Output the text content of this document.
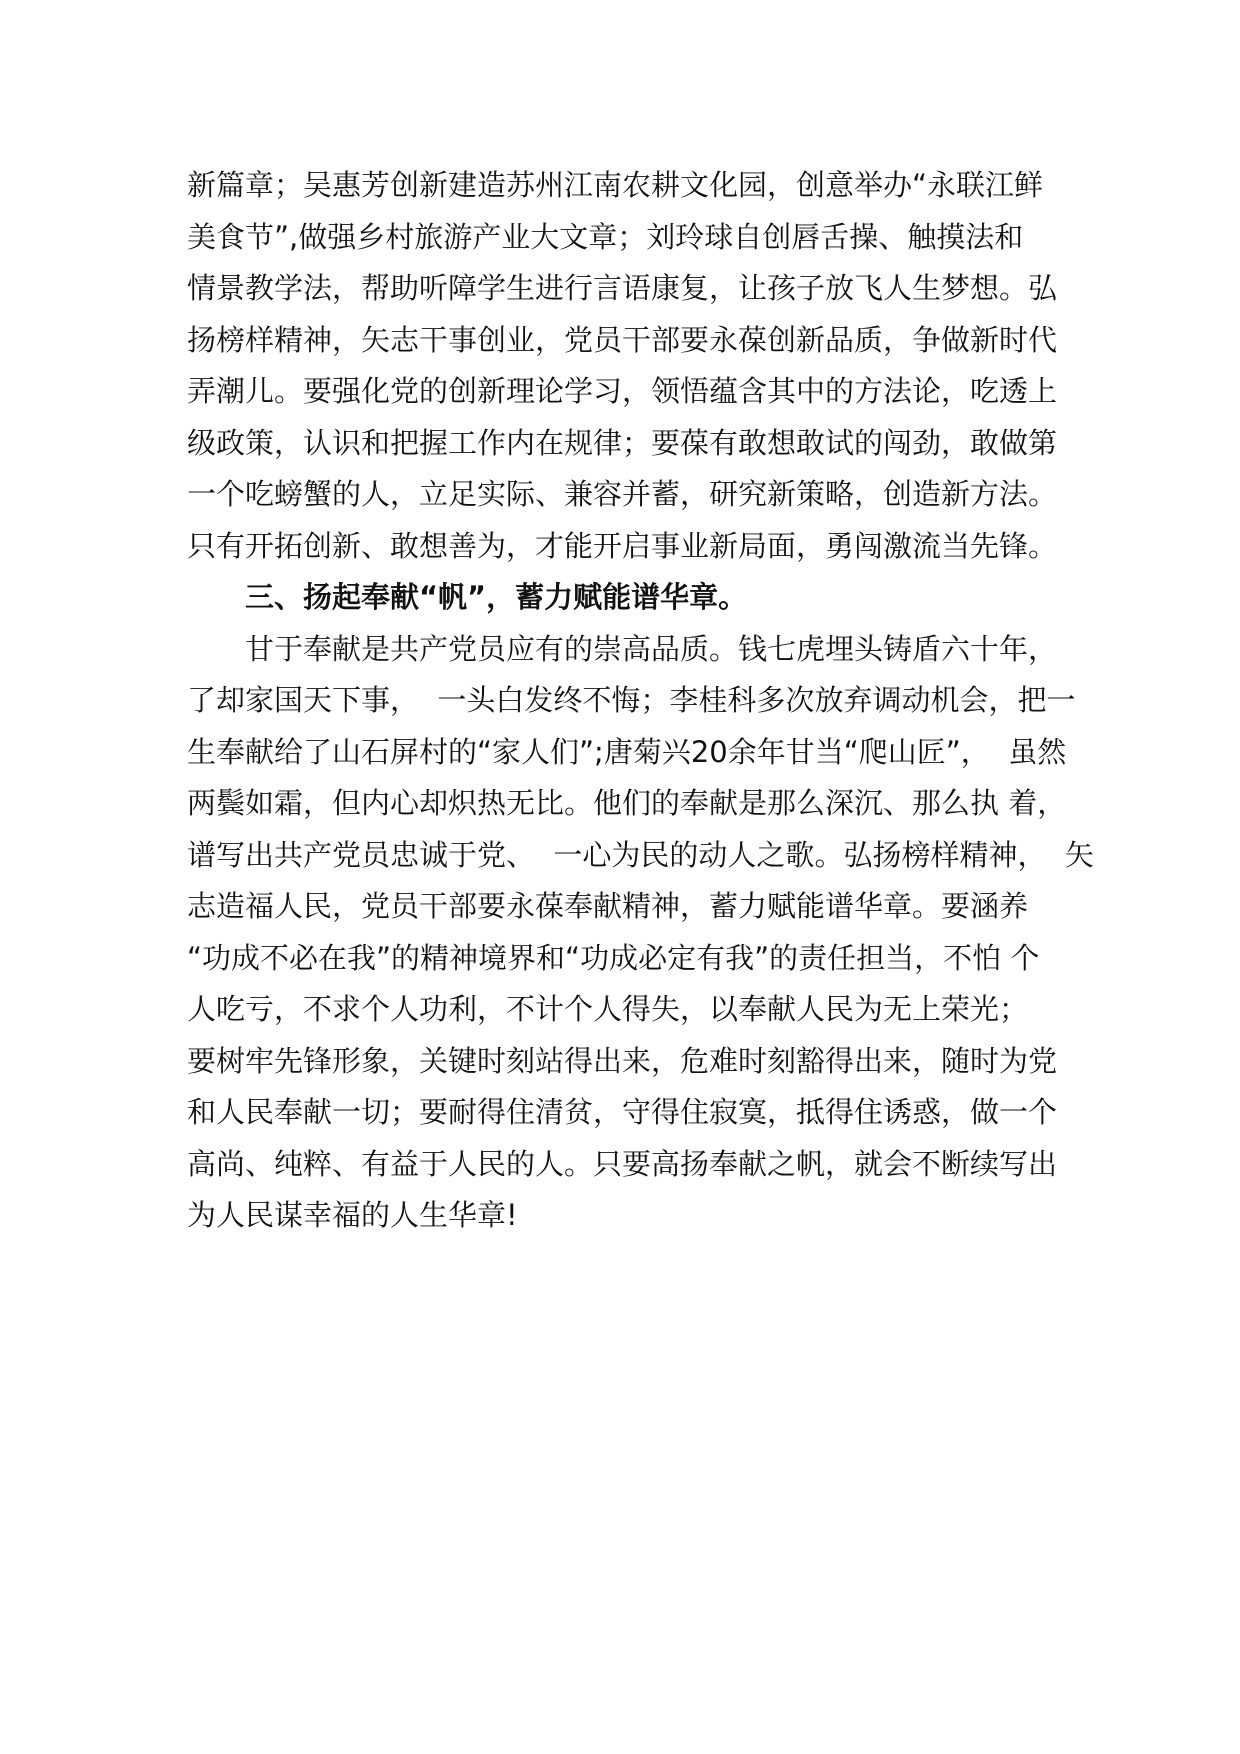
新篇章；吴惠芳创新建造苏州江南农耕文化园，创意举办“永联江鲜
美食节”,做强乡村旅游产业大文章；刘玲球自创唇舌操、触摸法和
情景教学法，帮助听障学生进行言语康复，让孩子放飞人生梦想。弘
扬榜样精神，矢志干事创业，党员干部要永葆创新品质，争做新时代
弄潮儿。要强化党的创新理论学习，领悟蕴含其中的方法论，吃透上
级政策，认识和把握工作内在规律；要葆有敢想敢试的闯劲，敢做第
一个吃螃蟹的人，立足实际、兼容并蓄，研究新策略，创造新方法。
只有开拓创新、敢想善为，才能开启事业新局面，勇闯激流当先锋。
三、扬起奉献“帆”，蓄力赋能谱华章。
甘于奉献是共产党员应有的崇高品质。钱七虎埋头铸盾六十年，
了却家国天下事，  一头白发终不悔；李桂科多次放弃调动机会，把一
生奉献给了山石屏村的“家人们”;唐菊兴20余年甘当“爬山匠”，  虽然
两鬓如霜，但内心却炽热无比。他们的奉献是那么深沉、那么执 着，
谱写出共产党员忠诚于党、  一心为民的动人之歌。弘扬榜样精神，  矢
志造福人民，党员干部要永葆奉献精神，蓄力赋能谱华章。要涵养
“功成不必在我”的精神境界和“功成必定有我”的责任担当，不怕 个
人吃亏，不求个人功利，不计个人得失，以奉献人民为无上荣光；
要树牢先锋形象，关键时刻站得出来，危难时刻豁得出来，随时为党
和人民奉献一切；要耐得住清贫，守得住寂寞，抵得住诱惑，做一个
高尚、纯粹、有益于人民的人。只要高扬奉献之帆，就会不断续写出
为人民谋幸福的人生华章!
